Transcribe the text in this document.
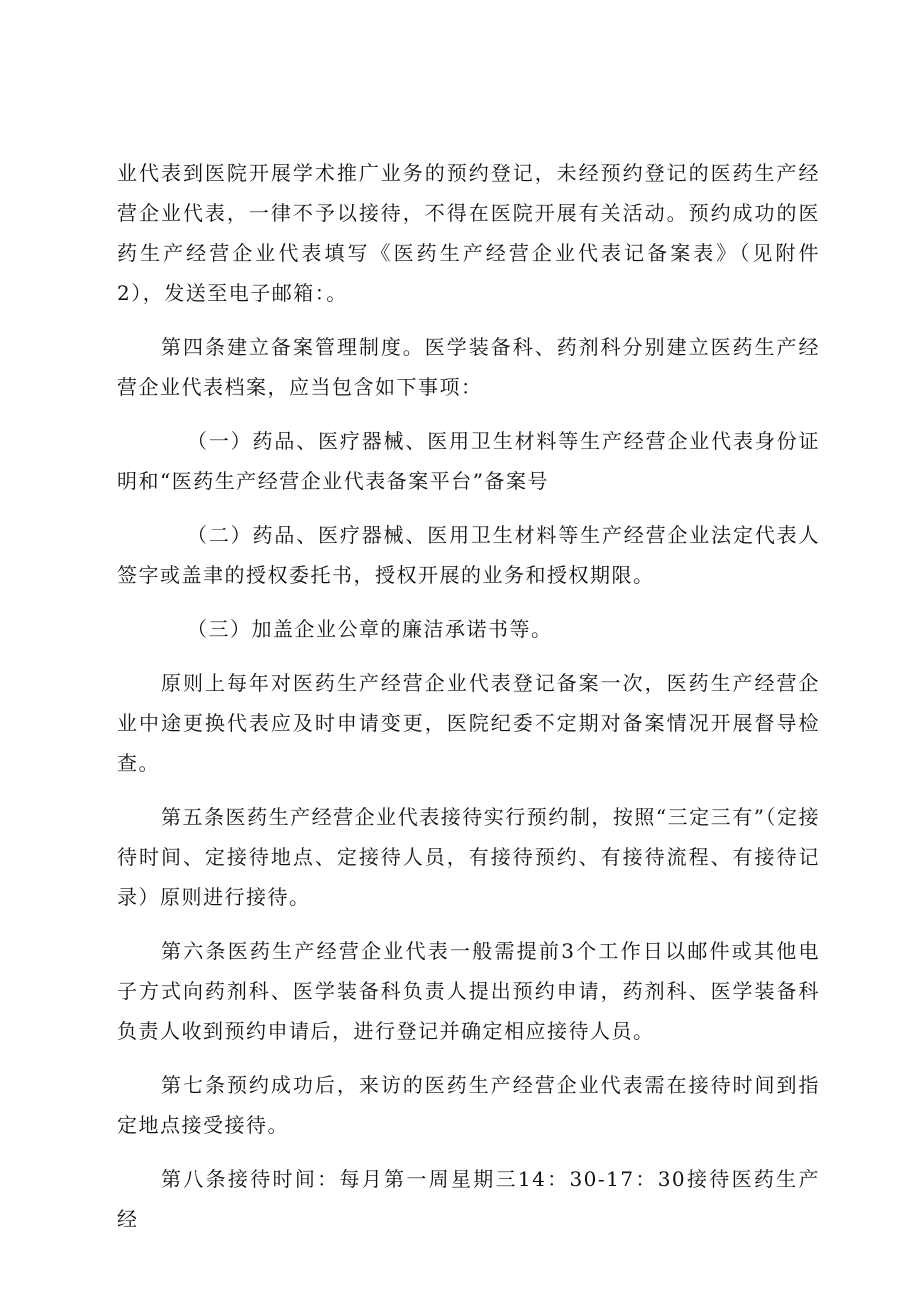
业代表到医院开展学术推广业务的预约登记，未经预约登记的医药生产经营企业代表，一律不予以接待，不得在医院开展有关活动。预约成功的医药生产经营企业代表填写《医药生产经营企业代表记备案表》（见附件2），发送至电子邮箱：。

第四条建立备案管理制度。医学装备科、药剂科分别建立医药生产经营企业代表档案，应当包含如下事项：

（一）药品、医疗器械、医用卫生材料等生产经营企业代表身份证明和“医药生产经营企业代表备案平台”备案号

（二）药品、医疗器械、医用卫生材料等生产经营企业法定代表人签字或盖聿的授权委托书，授权开展的业务和授权期限。

（三）加盖企业公章的廉洁承诺书等。

原则上每年对医药生产经营企业代表登记备案一次，医药生产经营企业中途更换代表应及时申请变更，医院纪委不定期对备案情况开展督导检查。

第五条医药生产经营企业代表接待实行预约制，按照“三定三有”（定接待时间、定接待地点、定接待人员，有接待预约、有接待流程、有接待记录）原则进行接待。

第六条医药生产经营企业代表一般需提前3个工作日以邮件或其他电子方式向药剂科、医学装备科负责人提出预约申请，药剂科、医学装备科负责人收到预约申请后，进行登记并确定相应接待人员。

第七条预约成功后，来访的医药生产经营企业代表需在接待时间到指定地点接受接待。

第八条接待时间：每月第一周星期三14：30-17：30接待医药生产经
